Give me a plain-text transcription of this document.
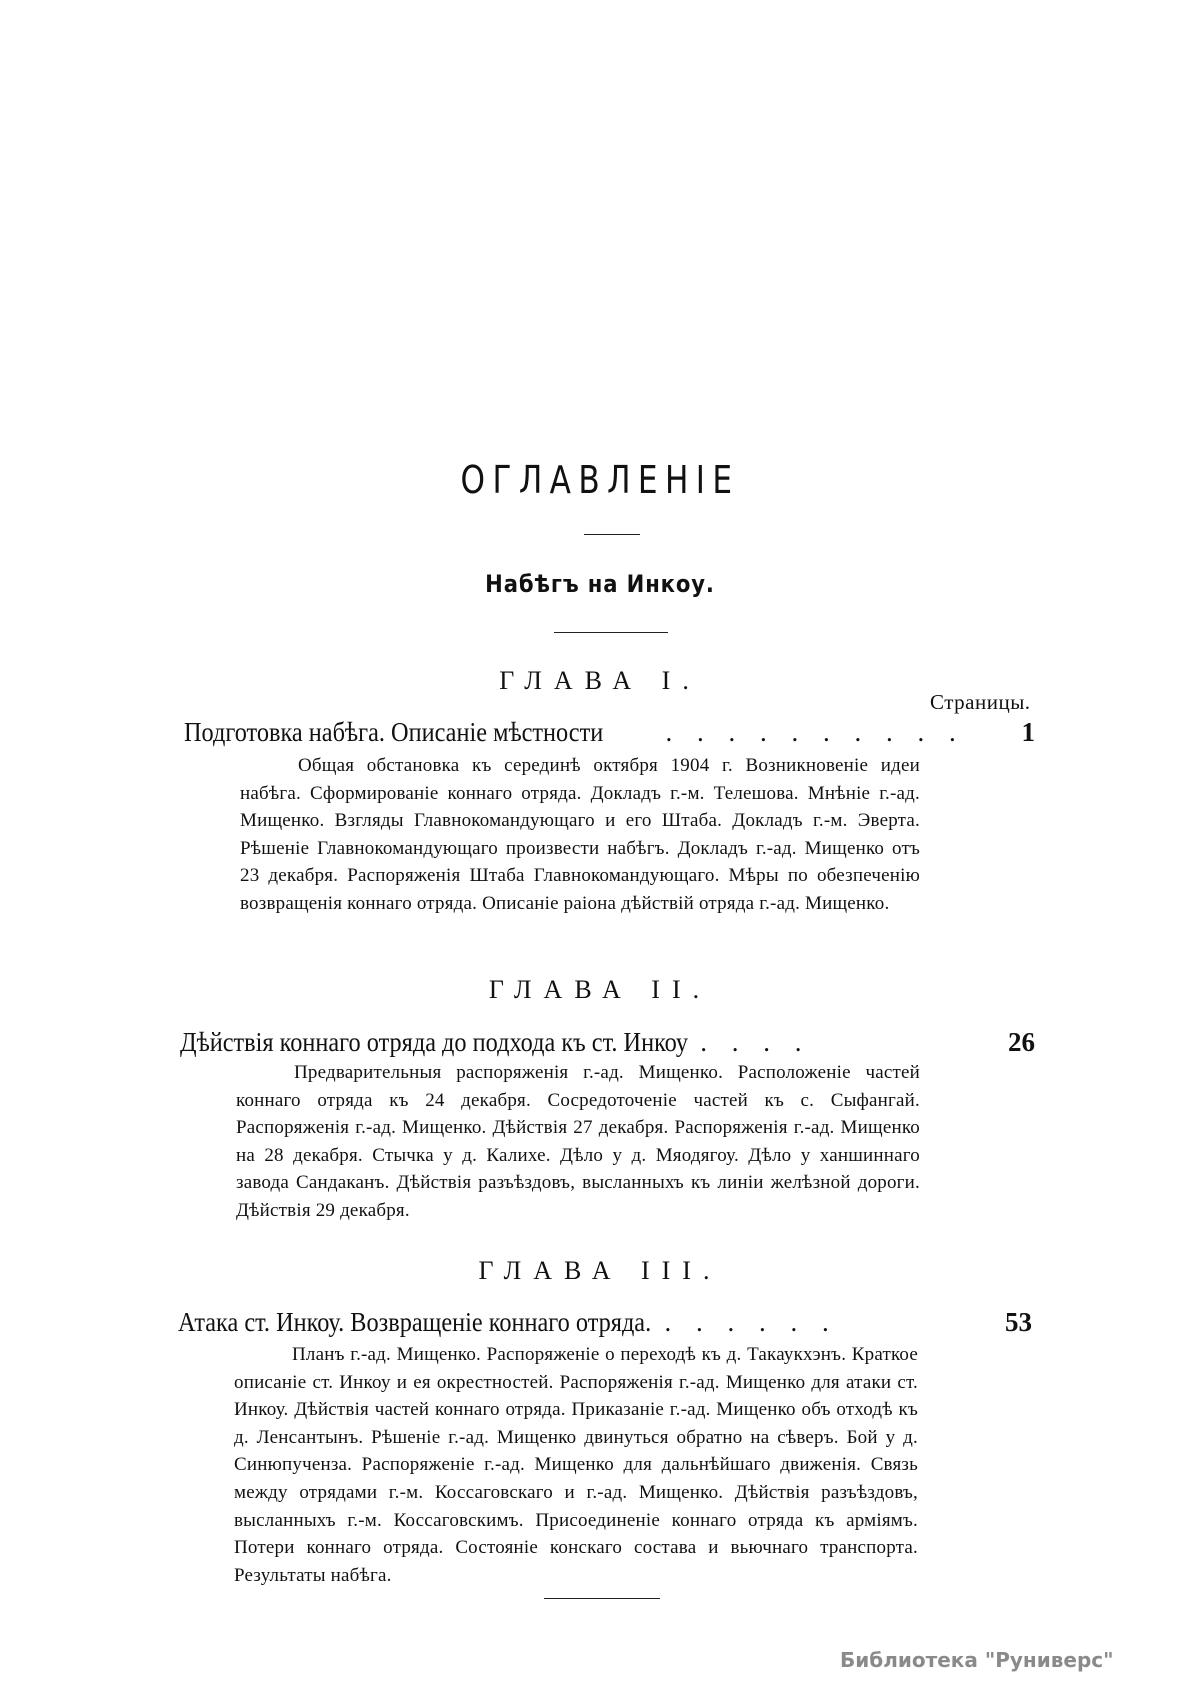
ОГЛАВЛЕНІЕ
Набѣгъ на Инкоу.
ГЛАВА I.
Страницы.
Подготовка набѣга. Описаніе мѣстности . . . . . . . . . .	1

Общая обстановка къ серединѣ октября 1904 г. Возникновеніе идеи набѣга. Сформированіе коннаго отряда. Докладъ г.-м. Телешова. Мнѣніе г.-ад. Мищенко. Взгляды Главнокомандующаго и его Штаба. Докладъ г.-м. Эверта. Рѣшеніе Главнокомандующаго произвести набѣгъ. Докладъ г.-ад. Мищенко отъ 23 декабря. Распоряженія Штаба Главнокомандующаго. Мѣры по обезпеченію возвращенія коннаго отряда. Описаніе раіона дѣйствій отряда г.-ад. Мищенко.

ГЛАВА II.
Дѣйствія коннаго отряда до подхода къ ст. Инкоу . . . .	26

Предварительныя распоряженія г.-ад. Мищенко. Расположеніе частей коннаго отряда къ 24 декабря. Сосредоточеніе частей къ с. Сыфангай. Распоряженія г.-ад. Мищенко. Дѣйствія 27 декабря. Распоряженія г.-ад. Мищенко на 28 декабря. Стычка у д. Калихе. Дѣло у д. Мяодягоу. Дѣло у ханшиннаго завода Сандаканъ. Дѣйствія разъѣздовъ, высланныхъ къ линіи желѣзной дороги. Дѣйствія 29 декабря.

ГЛАВА III.
Атака ст. Инкоу. Возвращеніе коннаго отряда. . . . . . .	53

Планъ г.-ад. Мищенко. Распоряженіе о переходѣ къ д. Такаукхэнъ. Краткое описаніе ст. Инкоу и ея окрестностей. Распоряженія г.-ад. Мищенко для атаки ст. Инкоу. Дѣйствія частей коннаго отряда. Приказаніе г.-ад. Мищенко объ отходѣ къ д. Ленсантынъ. Рѣшеніе г.-ад. Мищенко двинуться обратно на сѣверъ. Бой у д. Синюпученза. Распоряженіе г.-ад. Мищенко для дальнѣйшаго движенія. Связь между отрядами г.-м. Коссаговскаго и г.-ад. Мищенко. Дѣйствія разъѣздовъ, высланныхъ г.-м. Коссаговскимъ. Присоединеніе коннаго отряда къ арміямъ. Потери коннаго отряда. Состояніе конскаго состава и вьючнаго транспорта. Результаты набѣга.

Библиотека "Руниверс"
